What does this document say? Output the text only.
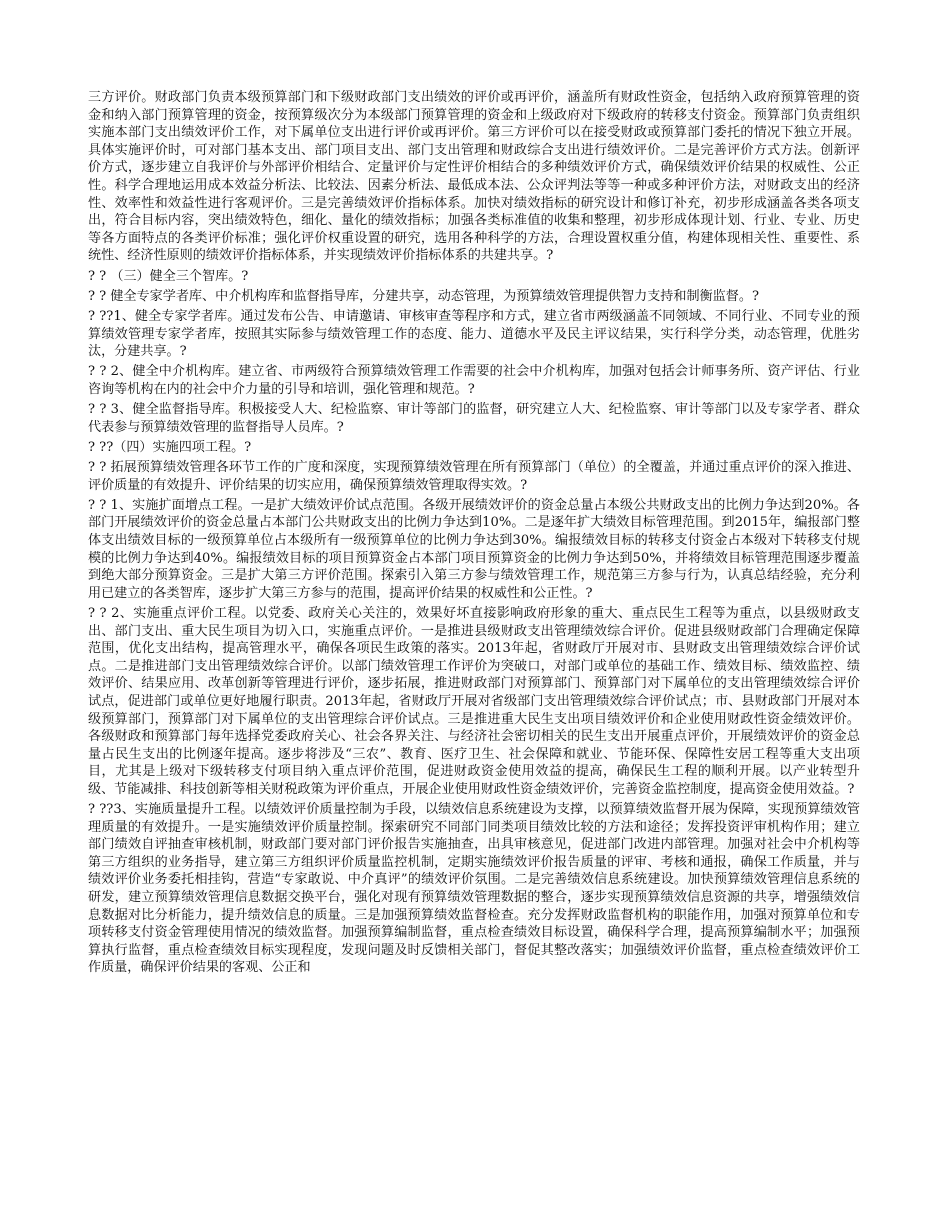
三方评价。财政部门负责本级预算部门和下级财政部门支出绩效的评价或再评价，涵盖所有财政性资金，包括纳入政府预算管理的资金和纳入部门预算管理的资金，按预算级次分为本级部门预算管理的资金和上级政府对下级政府的转移支付资金。预算部门负责组织实施本部门支出绩效评价工作，对下属单位支出进行评价或再评价。第三方评价可以在接受财政或预算部门委托的情况下独立开展。具体实施评价时，可对部门基本支出、部门项目支出、部门支出管理和财政综合支出进行绩效评价。二是完善评价方式方法。创新评价方式，逐步建立自我评价与外部评价相结合、定量评价与定性评价相结合的多种绩效评价方式，确保绩效评价结果的权威性、公正性。科学合理地运用成本效益分析法、比较法、因素分析法、最低成本法、公众评判法等等一种或多种评价方法，对财政支出的经济性、效率性和效益性进行客观评价。三是完善绩效评价指标体系。加快对绩效指标的研究设计和修订补充，初步形成涵盖各类各项支出，符合目标内容，突出绩效特色，细化、量化的绩效指标；加强各类标准值的收集和整理，初步形成体现计划、行业、专业、历史等各方面特点的各类评价标准；强化评价权重设置的研究，选用各种科学的方法，合理设置权重分值，构建体现相关性、重要性、系统性、经济性原则的绩效评价指标体系，并实现绩效评价指标体系的共建共享。?

? ? （三）健全三个智库。?

? ? 健全专家学者库、中介机构库和监督指导库，分建共享，动态管理，为预算绩效管理提供智力支持和制衡监督。?

? ??1、健全专家学者库。通过发布公告、申请邀请、审核审查等程序和方式，建立省市两级涵盖不同领域、不同行业、不同专业的预算绩效管理专家学者库，按照其实际参与绩效管理工作的态度、能力、道德水平及民主评议结果，实行科学分类，动态管理，优胜劣汰，分建共享。?

? ? 2、健全中介机构库。建立省、市两级符合预算绩效管理工作需要的社会中介机构库，加强对包括会计师事务所、资产评估、行业咨询等机构在内的社会中介力量的引导和培训，强化管理和规范。?

? ? 3、健全监督指导库。积极接受人大、纪检监察、审计等部门的监督，研究建立人大、纪检监察、审计等部门以及专家学者、群众代表参与预算绩效管理的监督指导人员库。?

? ??（四）实施四项工程。?

? ? 拓展预算绩效管理各环节工作的广度和深度，实现预算绩效管理在所有预算部门（单位）的全覆盖，并通过重点评价的深入推进、评价质量的有效提升、评价结果的切实应用，确保预算绩效管理取得实效。?

? ? 1、实施扩面增点工程。一是扩大绩效评价试点范围。各级开展绩效评价的资金总量占本级公共财政支出的比例力争达到20%。各部门开展绩效评价的资金总量占本部门公共财政支出的比例力争达到10%。二是逐年扩大绩效目标管理范围。到2015年，编报部门整体支出绩效目标的一级预算单位占本级所有一级预算单位的比例力争达到30%。编报绩效目标的转移支付资金占本级对下转移支付规模的比例力争达到40%。编报绩效目标的项目预算资金占本部门项目预算资金的比例力争达到50%，并将绩效目标管理范围逐步覆盖到绝大部分预算资金。三是扩大第三方评价范围。探索引入第三方参与绩效管理工作，规范第三方参与行为，认真总结经验，充分利用已建立的各类智库，逐步扩大第三方参与的范围，提高评价结果的权威性和公正性。?

? ? 2、实施重点评价工程。以党委、政府关心关注的，效果好坏直接影响政府形象的重大、重点民生工程等为重点，以县级财政支出、部门支出、重大民生项目为切入口，实施重点评价。一是推进县级财政支出管理绩效综合评价。促进县级财政部门合理确定保障范围，优化支出结构，提高管理水平，确保各项民生政策的落实。2013年起，省财政厅开展对市、县财政支出管理绩效综合评价试点。二是推进部门支出管理绩效综合评价。以部门绩效管理工作评价为突破口，对部门或单位的基础工作、绩效目标、绩效监控、绩效评价、结果应用、改革创新等管理进行评价，逐步拓展，推进财政部门对预算部门、预算部门对下属单位的支出管理绩效综合评价试点，促进部门或单位更好地履行职责。2013年起，省财政厅开展对省级部门支出管理绩效综合评价试点；市、县财政部门开展对本级预算部门，预算部门对下属单位的支出管理综合评价试点。三是推进重大民生支出项目绩效评价和企业使用财政性资金绩效评价。各级财政和预算部门每年选择党委政府关心、社会各界关注、与经济社会密切相关的民生支出开展重点评价，开展绩效评价的资金总量占民生支出的比例逐年提高。逐步将涉及“三农”、教育、医疗卫生、社会保障和就业、节能环保、保障性安居工程等重大支出项目，尤其是上级对下级转移支付项目纳入重点评价范围，促进财政资金使用效益的提高，确保民生工程的顺利开展。以产业转型升级、节能减排、科技创新等相关财税政策为评价重点，开展企业使用财政性资金绩效评价，完善资金监控制度，提高资金使用效益。?

? ??3、实施质量提升工程。以绩效评价质量控制为手段，以绩效信息系统建设为支撑，以预算绩效监督开展为保障，实现预算绩效管理质量的有效提升。一是实施绩效评价质量控制。探索研究不同部门同类项目绩效比较的方法和途径；发挥投资评审机构作用；建立部门绩效自评抽查审核机制，财政部门要对部门评价报告实施抽查，出具审核意见，促进部门改进内部管理。加强对社会中介机构等第三方组织的业务指导，建立第三方组织评价质量监控机制，定期实施绩效评价报告质量的评审、考核和通报，确保工作质量，并与绩效评价业务委托相挂钩，营造“专家敢说、中介真评”的绩效评价氛围。二是完善绩效信息系统建设。加快预算绩效管理信息系统的研发，建立预算绩效管理信息数据交换平台，强化对现有预算绩效管理数据的整合，逐步实现预算绩效信息资源的共享，增强绩效信息数据对比分析能力，提升绩效信息的质量。三是加强预算绩效监督检查。充分发挥财政监督机构的职能作用，加强对预算单位和专项转移支付资金管理使用情况的绩效监督。加强预算编制监督，重点检查绩效目标设置，确保科学合理，提高预算编制水平；加强预算执行监督，重点检查绩效目标实现程度，发现问题及时反馈相关部门，督促其整改落实；加强绩效评价监督，重点检查绩效评价工作质量，确保评价结果的客观、公正和
